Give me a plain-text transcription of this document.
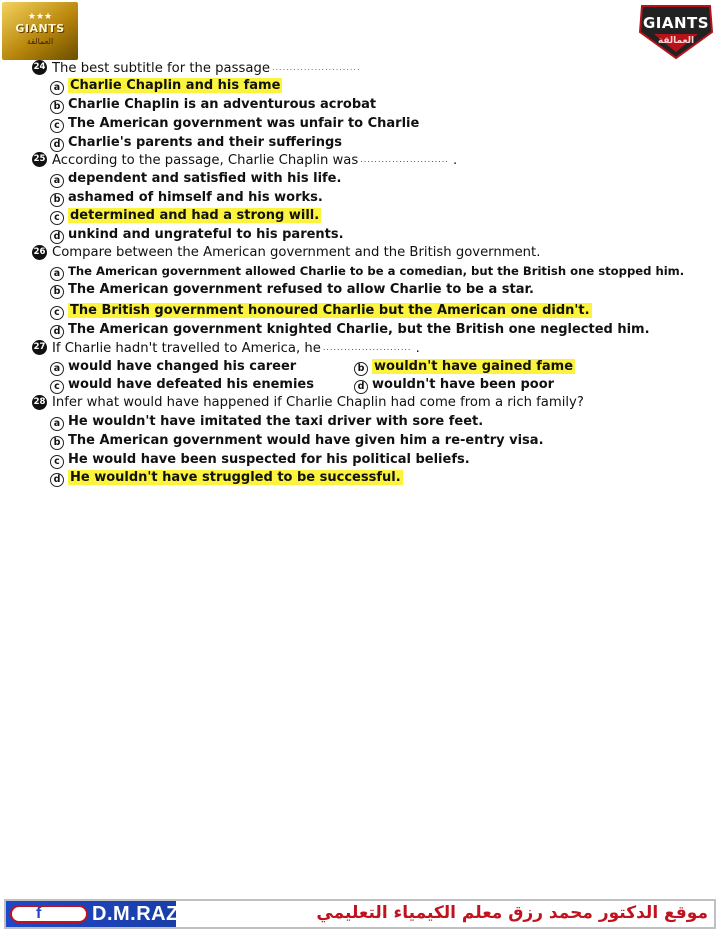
★★★
GIANTS
العمالقة
GIANTS
العمالقة
24 The best subtitle for the passage .........................
a Charlie Chaplin and his fame
b Charlie Chaplin is an adventurous acrobat
c The American government was unfair to Charlie
d Charlie's parents and their sufferings
25 According to the passage, Charlie Chaplin was ......................... .
a dependent and satisfied with his life.
b ashamed of himself and his works.
c determined and had a strong will.
d unkind and ungrateful to his parents.
26 Compare between the American government and the British government.
a The American government allowed Charlie to be a comedian, but the British one stopped him.
b The American government refused to allow Charlie to be a star.
c The British government honoured Charlie but the American one didn't.
d The American government knighted Charlie, but the British one neglected him.
27 If Charlie hadn't travelled to America, he ......................... .
a would have changed his career	b wouldn't have gained fame
c would have defeated his enemies	d wouldn't have been poor
28 Infer what would have happened if Charlie Chaplin had come from a rich family?
a He wouldn't have imitated the taxi driver with sore feet.
b The American government would have given him a re-entry visa.
c He would have been suspected for his political beliefs.
d He wouldn't have struggled to be successful.
f	D.M.RAZK	موقع الدكتور محمد رزق معلم الكيمياء التعليمي
